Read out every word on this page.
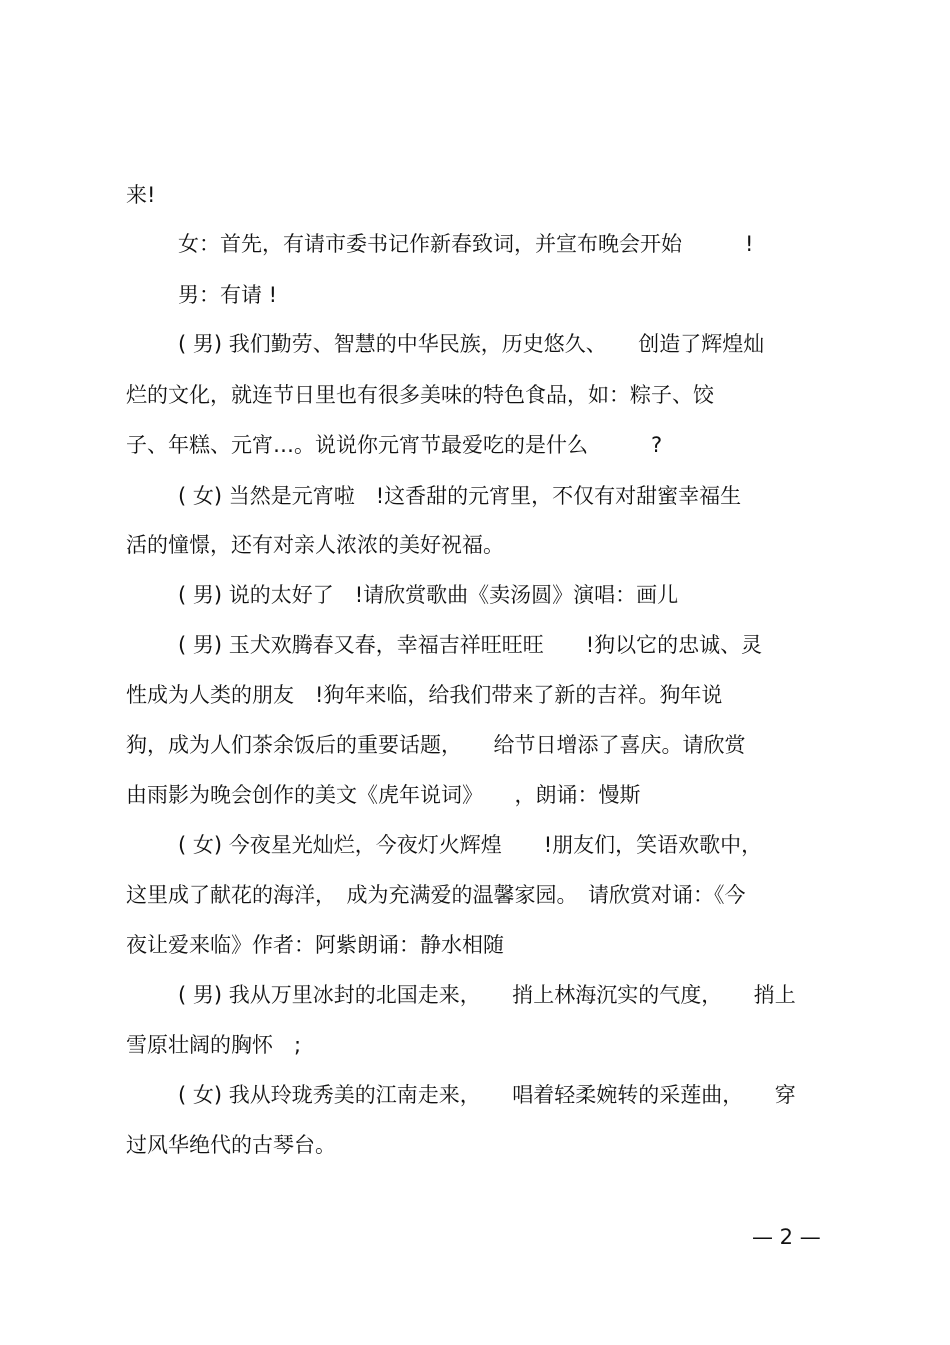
来!
女：首先，有请市委书记作新春致词，并宣布晚会开始　　　!
男：有请 !
( 男) 我们勤劳、智慧的中华民族，历史悠久、　　创造了辉煌灿
烂的文化，就连节日里也有很多美味的特色食品，如：粽子、饺
子、年糕、元宵…。说说你元宵节最爱吃的是什么　　　?
( 女) 当然是元宵啦　!这香甜的元宵里，不仅有对甜蜜幸福生
活的憧憬，还有对亲人浓浓的美好祝福。
( 男) 说的太好了　!请欣赏歌曲《卖汤圆》演唱：画儿
( 男) 玉犬欢腾春又春，幸福吉祥旺旺旺　　!狗以它的忠诚、灵
性成为人类的朋友　!狗年来临，给我们带来了新的吉祥。狗年说
狗，成为人们茶余饭后的重要话题，　　给节日增添了喜庆。请欣赏
由雨影为晚会创作的美文《虎年说词》　　，朗诵：慢斯
( 女) 今夜星光灿烂，今夜灯火辉煌　　!朋友们，笑语欢歌中，
这里成了献花的海洋，　成为充满爱的温馨家园。　请欣赏对诵：《今
夜让爱来临》作者：阿紫朗诵：静水相随
( 男) 我从万里冰封的北国走来，　　捎上林海沉实的气度，　　捎上
雪原壮阔的胸怀　;
( 女) 我从玲珑秀美的江南走来，　　唱着轻柔婉转的采莲曲，　　穿
过风华绝代的古琴台。
— 2 —
